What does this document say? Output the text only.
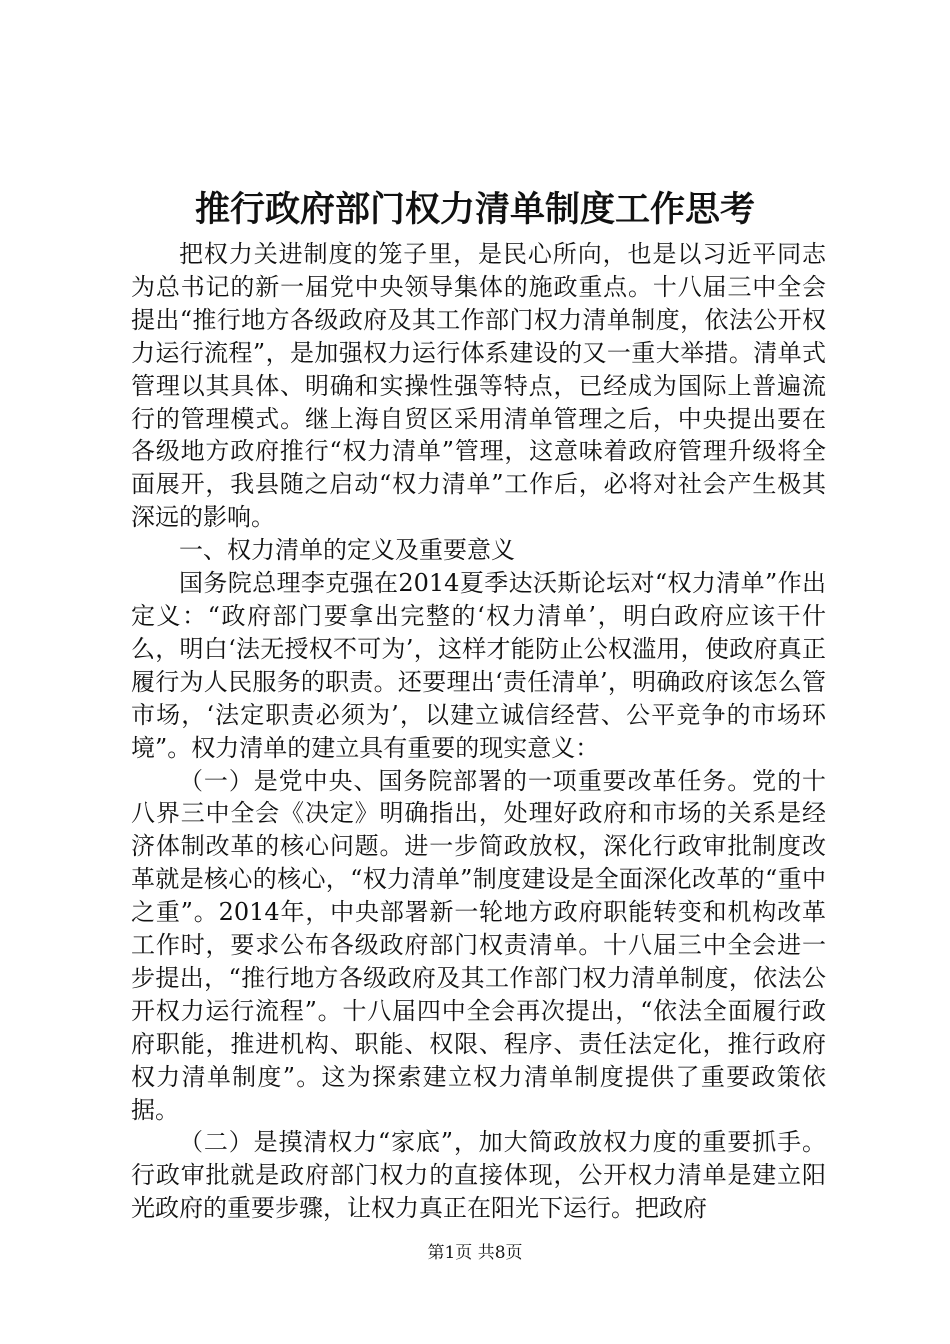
推行政府部门权力清单制度工作思考

把权力关进制度的笼子里，是民心所向，也是以习近平同志为总书记的新一届党中央领导集体的施政重点。十八届三中全会提出“推行地方各级政府及其工作部门权力清单制度，依法公开权力运行流程”，是加强权力运行体系建设的又一重大举措。清单式管理以其具体、明确和实操性强等特点，已经成为国际上普遍流行的管理模式。继上海自贸区采用清单管理之后，中央提出要在各级地方政府推行“权力清单”管理，这意味着政府管理升级将全面展开，我县随之启动“权力清单”工作后，必将对社会产生极其深远的影响。

一、权力清单的定义及重要意义

国务院总理李克强在2014夏季达沃斯论坛对“权力清单”作出定义：“政府部门要拿出完整的‘权力清单’，明白政府应该干什么，明白‘法无授权不可为’，这样才能防止公权滥用，使政府真正履行为人民服务的职责。还要理出‘责任清单’，明确政府该怎么管市场，‘法定职责必须为’，以建立诚信经营、公平竞争的市场环境”。权力清单的建立具有重要的现实意义：

（一）是党中央、国务院部署的一项重要改革任务。党的十八界三中全会《决定》明确指出，处理好政府和市场的关系是经济体制改革的核心问题。进一步简政放权，深化行政审批制度改革就是核心的核心，“权力清单”制度建设是全面深化改革的“重中之重”。2014年，中央部署新一轮地方政府职能转变和机构改革工作时，要求公布各级政府部门权责清单。十八届三中全会进一步提出，“推行地方各级政府及其工作部门权力清单制度，依法公开权力运行流程”。十八届四中全会再次提出，“依法全面履行政府职能，推进机构、职能、权限、程序、责任法定化，推行政府权力清单制度”。这为探索建立权力清单制度提供了重要政策依据。

（二）是摸清权力“家底”，加大简政放权力度的重要抓手。行政审批就是政府部门权力的直接体现，公开权力清单是建立阳光政府的重要步骤，让权力真正在阳光下运行。把政府

第1页 共8页
